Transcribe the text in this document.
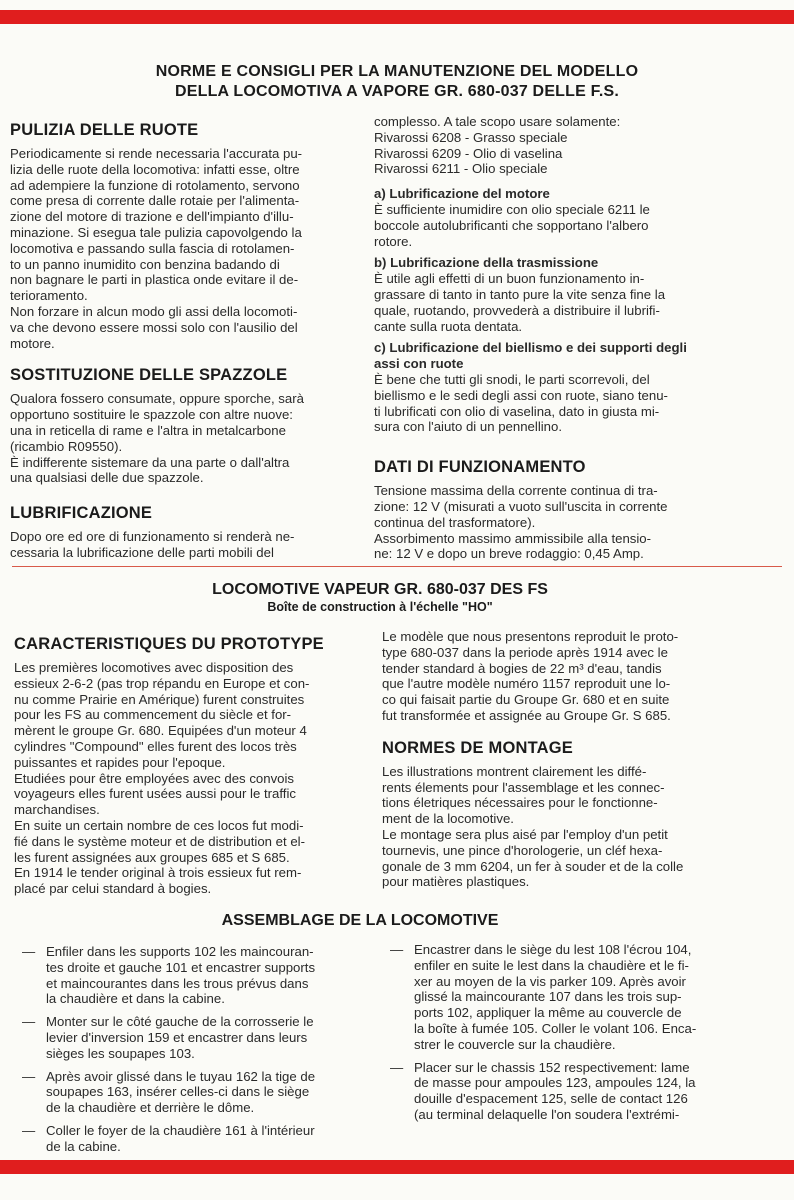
NORME E CONSIGLI PER LA MANUTENZIONE DEL MODELLO
DELLA LOCOMOTIVA A VAPORE GR. 680-037 DELLE F.S.
PULIZIA DELLE RUOTE

Periodicamente si rende necessaria l'accurata pu-
lizia delle ruote della locomotiva: infatti esse, oltre
ad adempiere la funzione di rotolamento, servono
come presa di corrente dalle rotaie per l'alimenta-
zione del motore di trazione e dell'impianto d'illu-
minazione. Si esegua tale pulizia capovolgendo la
locomotiva e passando sulla fascia di rotolamen-
to un panno inumidito con benzina badando di
non bagnare le parti in plastica onde evitare il de-
terioramento.
Non forzare in alcun modo gli assi della locomoti-
va che devono essere mossi solo con l'ausilio del
motore.

SOSTITUZIONE DELLE SPAZZOLE

Qualora fossero consumate, oppure sporche, sarà
opportuno sostituire le spazzole con altre nuove:
una in reticella di rame e l'altra in metalcarbone
(ricambio R09550).
È indifferente sistemare da una parte o dall'altra
una qualsiasi delle due spazzole.

LUBRIFICAZIONE

Dopo ore ed ore di funzionamento si renderà ne-
cessaria la lubrificazione delle parti mobili del

complesso. A tale scopo usare solamente:
Rivarossi 6208 - Grasso speciale
Rivarossi 6209 - Olio di vaselina
Rivarossi 6211 - Olio speciale

a) Lubrificazione del motore

È sufficiente inumidire con olio speciale 6211 le
boccole autolubrificanti che sopportano l'albero
rotore.

b) Lubrificazione della trasmissione

È utile agli effetti di un buon funzionamento in-
grassare di tanto in tanto pure la vite senza fine la
quale, ruotando, provvederà a distribuire il lubrifi-
cante sulla ruota dentata.

c) Lubrificazione del biellismo e dei supporti degli
assi con ruote

È bene che tutti gli snodi, le parti scorrevoli, del
biellismo e le sedi degli assi con ruote, siano tenu-
ti lubrificati con olio di vaselina, dato in giusta mi-
sura con l'aiuto di un pennellino.

DATI DI FUNZIONAMENTO

Tensione massima della corrente continua di tra-
zione: 12 V (misurati a vuoto sull'uscita in corrente
continua del trasformatore).
Assorbimento massimo ammissibile alla tensio-
ne: 12 V e dopo un breve rodaggio: 0,45 Amp.

LOCOMOTIVE VAPEUR GR. 680-037 DES FS
Boîte de construction à l'échelle "HO"
CARACTERISTIQUES DU PROTOTYPE

Les premières locomotives avec disposition des
essieux 2-6-2 (pas trop répandu en Europe et con-
nu comme Prairie en Amérique) furent construites
pour les FS au commencement du siècle et for-
mèrent le groupe Gr. 680. Equipées d'un moteur 4
cylindres "Compound" elles furent des locos très
puissantes et rapides pour l'epoque.
Etudiées pour être employées avec des convois
voyageurs elles furent usées aussi pour le traffic
marchandises.
En suite un certain nombre de ces locos fut modi-
fié dans le système moteur et de distribution et el-
les furent assignées aux groupes 685 et S 685.
En 1914 le tender original à trois essieux fut rem-
placé par celui standard à bogies.

Le modèle que nous presentons reproduit le proto-
type 680-037 dans la periode après 1914 avec le
tender standard à bogies de 22 m³ d'eau, tandis
que l'autre modèle numéro 1157 reproduit une lo-
co qui faisait partie du Groupe Gr. 680 et en suite
fut transformée et assignée au Groupe Gr. S 685.

NORMES DE MONTAGE

Les illustrations montrent clairement les diffé-
rents élements pour l'assemblage et les connec-
tions életriques nécessaires pour le fonctionne-
ment de la locomotive.
Le montage sera plus aisé par l'employ d'un petit
tournevis, une pince d'horologerie, un cléf hexa-
gonale de 3 mm 6204, un fer à souder et de la colle
pour matières plastiques.

ASSEMBLAGE DE LA LOCOMOTIVE
— Enfiler dans les supports 102 les maincouran-
tes droite et gauche 101 et encastrer supports
et maincourantes dans les trous prévus dans
la chaudière et dans la cabine.
— Monter sur le côté gauche de la corrosserie le
levier d'inversion 159 et encastrer dans leurs
sièges les soupapes 103.
— Après avoir glissé dans le tuyau 162 la tige de
soupapes 163, insérer celles-ci dans le siège
de la chaudière et derrière le dôme.
— Coller le foyer de la chaudière 161 à l'intérieur
de la cabine.
— Encastrer dans le siège du lest 108 l'écrou 104,
enfiler en suite le lest dans la chaudière et le fi-
xer au moyen de la vis parker 109. Après avoir
glissé la maincourante 107 dans les trois sup-
ports 102, appliquer la même au couvercle de
la boîte à fumée 105. Coller le volant 106. Enca-
strer le couvercle sur la chaudière.
— Placer sur le chassis 152 respectivement: lame
de masse pour ampoules 123, ampoules 124, la
douille d'espacement 125, selle de contact 126
(au terminal delaquelle l'on soudera l'extrémi-
